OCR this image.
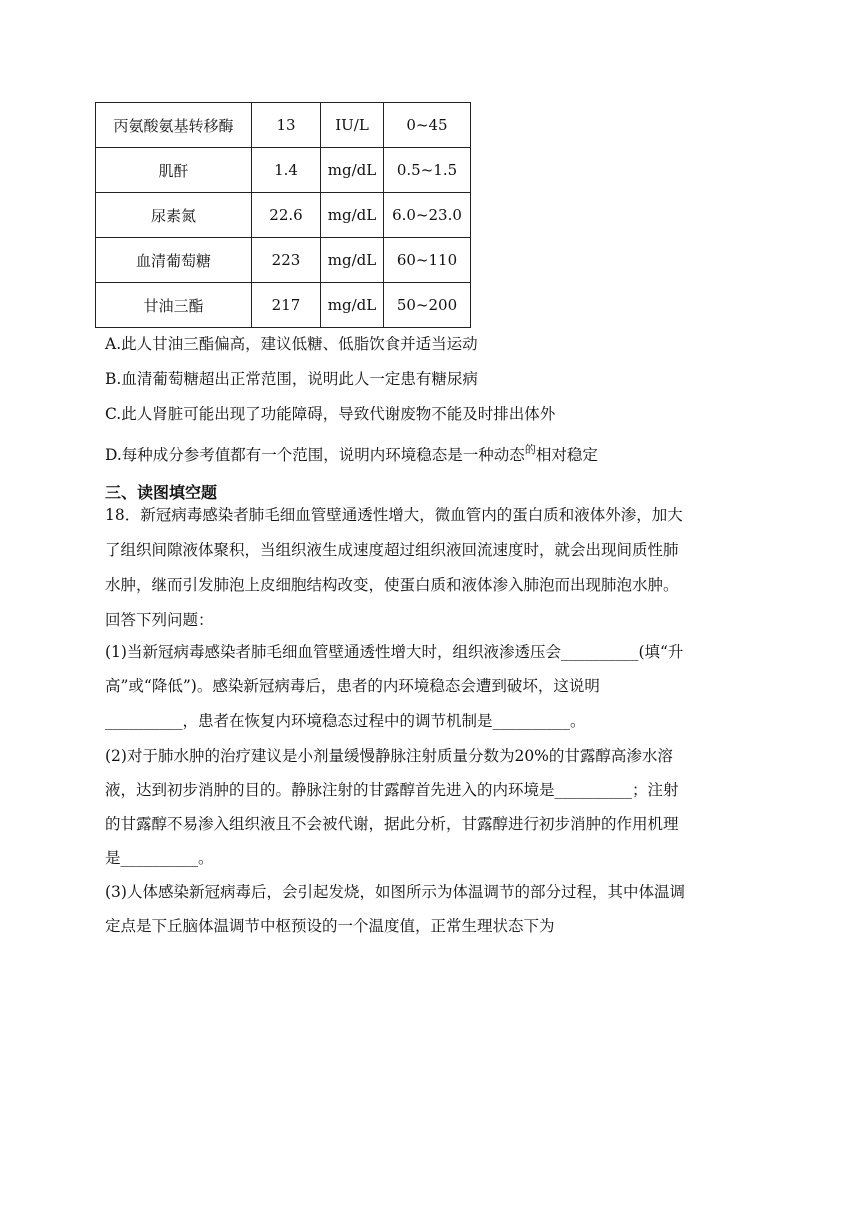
丙氨酸氨基转移酶	13	IU/L	0~45
肌酐	1.4	mg/dL	0.5~1.5
尿素氮	22.6	mg/dL	6.0~23.0
血清葡萄糖	223	mg/dL	60~110
甘油三酯	217	mg/dL	50~200
A.此人甘油三酯偏高，建议低糖、低脂饮食并适当运动
B.血清葡萄糖超出正常范围，说明此人一定患有糖尿病
C.此人肾脏可能出现了功能障碍，导致代谢废物不能及时排出体外
D.每种成分参考值都有一个范围，说明内环境稳态是一种动态$^的$相对稳定
三、读图填空题
18．新冠病毒感染者肺毛细血管壁通透性增大，微血管内的蛋白质和液体外渗，加大
了组织间隙液体聚积，当组织液生成速度超过组织液回流速度时，就会出现间质性肺
水肿，继而引发肺泡上皮细胞结构改变，使蛋白质和液体渗入肺泡而出现肺泡水肿。
回答下列问题：
(1)当新冠病毒感染者肺毛细血管壁通透性增大时，组织液渗透压会__________(填“升
高”或“降低”)。感染新冠病毒后，患者的内环境稳态会遭到破坏，这说明
__________，患者在恢复内环境稳态过程中的调节机制是__________。
(2)对于肺水肿的治疗建议是小剂量缓慢静脉注射质量分数为20%的甘露醇高渗水溶
液，达到初步消肿的目的。静脉注射的甘露醇首先进入的内环境是__________；注射
的甘露醇不易渗入组织液且不会被代谢，据此分析，甘露醇进行初步消肿的作用机理
是__________。
(3)人体感染新冠病毒后，会引起发烧，如图所示为体温调节的部分过程，其中体温调
定点是下丘脑体温调节中枢预设的一个温度值，正常生理状态下为
